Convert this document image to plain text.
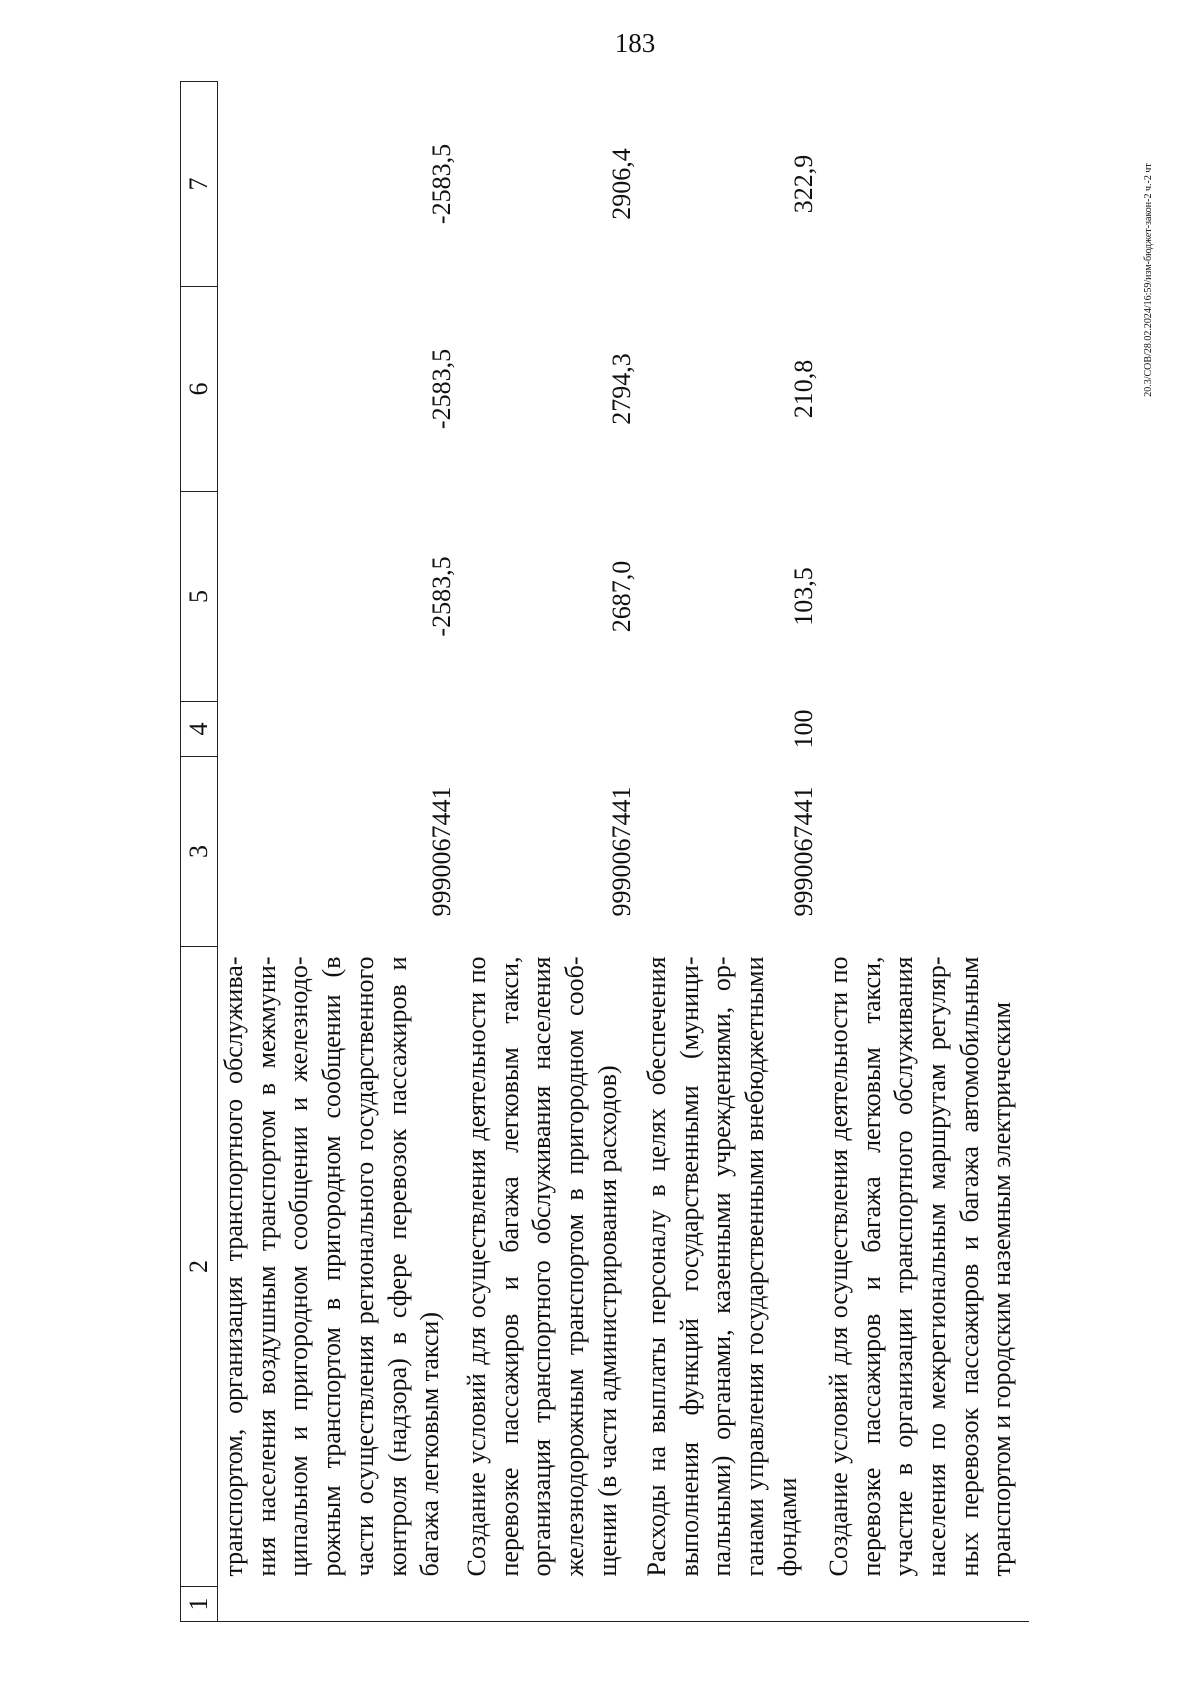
183
20.3/СОВ/28.02.2024/16:59/изм-бюджет-закон-2 ч.-2 чт
1	2	3	4	5	6	7
	транспортом, организация транспортного обслуживания населения воздушным транспортом в межмуниципальном и пригородном сообщении и железнодорожным транспортом в пригородном сообщении (в части осуществления регионального государственного контроля (надзора) в сфере перевозок пассажиров и багажа легковым такси)	9990067441		-2583,5	-2583,5	-2583,5
	Создание условий для осуществления деятельности по перевозке пассажиров и багажа легковым такси, организация транспортного обслуживания населения железнодорожным транспортом в пригородном сообщении (в части администрирования расходов)	9990067441		2687,0	2794,3	2906,4
	Расходы на выплаты персоналу в целях обеспечения выполнения функций государственными (муниципальными) органами, казенными учреждениями, органами управления государственными внебюджетными фондами	9990067441	100	103,5	210,8	322,9
	Создание условий для осуществления деятельности по перевозке пассажиров и багажа легковым такси, участие в организации транспортного обслуживания населения по межрегиональным маршрутам регулярных перевозок пассажиров и багажа автомобильным транспортом и городским наземным электрическим					
